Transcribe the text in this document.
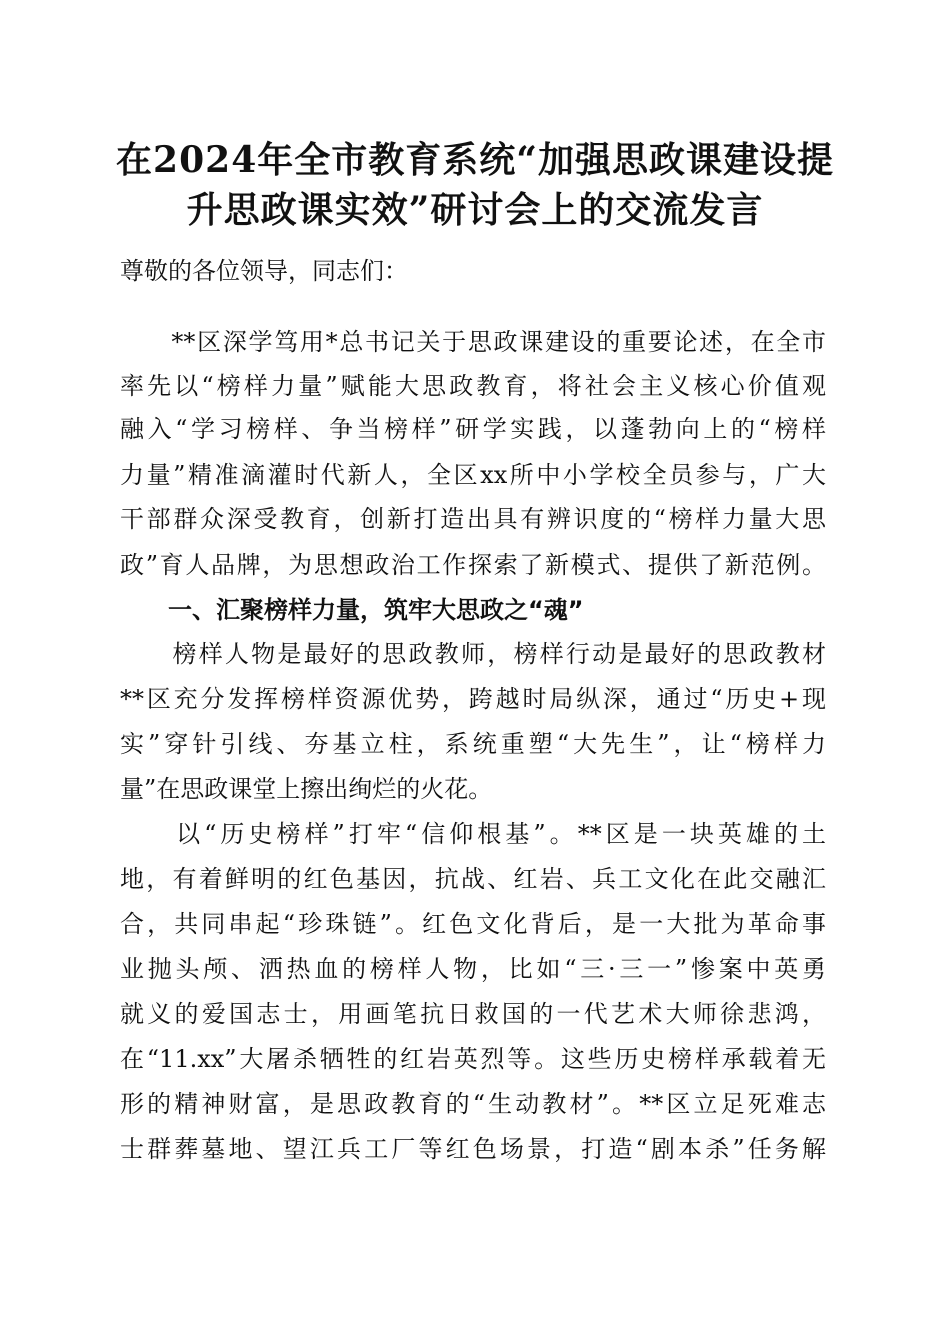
在2024年全市教育系统“加强思政课建设提
升思政课实效”研讨会上的交流发言
尊敬的各位领导，同志们：
　　**区深学笃用*总书记关于思政课建设的重要论述，在全市
率先以“榜样力量”赋能大思政教育，将社会主义核心价值观
融入“学习榜样、争当榜样”研学实践，以蓬勃向上的“榜样
力量”精准滴灌时代新人，全区xx所中小学校全员参与，广大
干部群众深受教育，创新打造出具有辨识度的“榜样力量大思
政”育人品牌，为思想政治工作探索了新模式、提供了新范例。
　　一、汇聚榜样力量，筑牢大思政之“魂”
　　榜样人物是最好的思政教师，榜样行动是最好的思政教材
**区充分发挥榜样资源优势，跨越时局纵深，通过“历史+现
实”穿针引线、夯基立柱，系统重塑“大先生”，让“榜样力
量”在思政课堂上擦出绚烂的火花。
　　以“历史榜样”打牢“信仰根基”。**区是一块英雄的土
地，有着鲜明的红色基因，抗战、红岩、兵工文化在此交融汇
合，共同串起“珍珠链”。红色文化背后，是一大批为革命事
业抛头颅、洒热血的榜样人物，比如“三·三一”惨案中英勇
就义的爱国志士，用画笔抗日救国的一代艺术大师徐悲鸿，
在“11.xx”大屠杀牺牲的红岩英烈等。这些历史榜样承载着无
形的精神财富，是思政教育的“生动教材”。**区立足死难志
士群葬墓地、望江兵工厂等红色场景，打造“剧本杀”任务解
